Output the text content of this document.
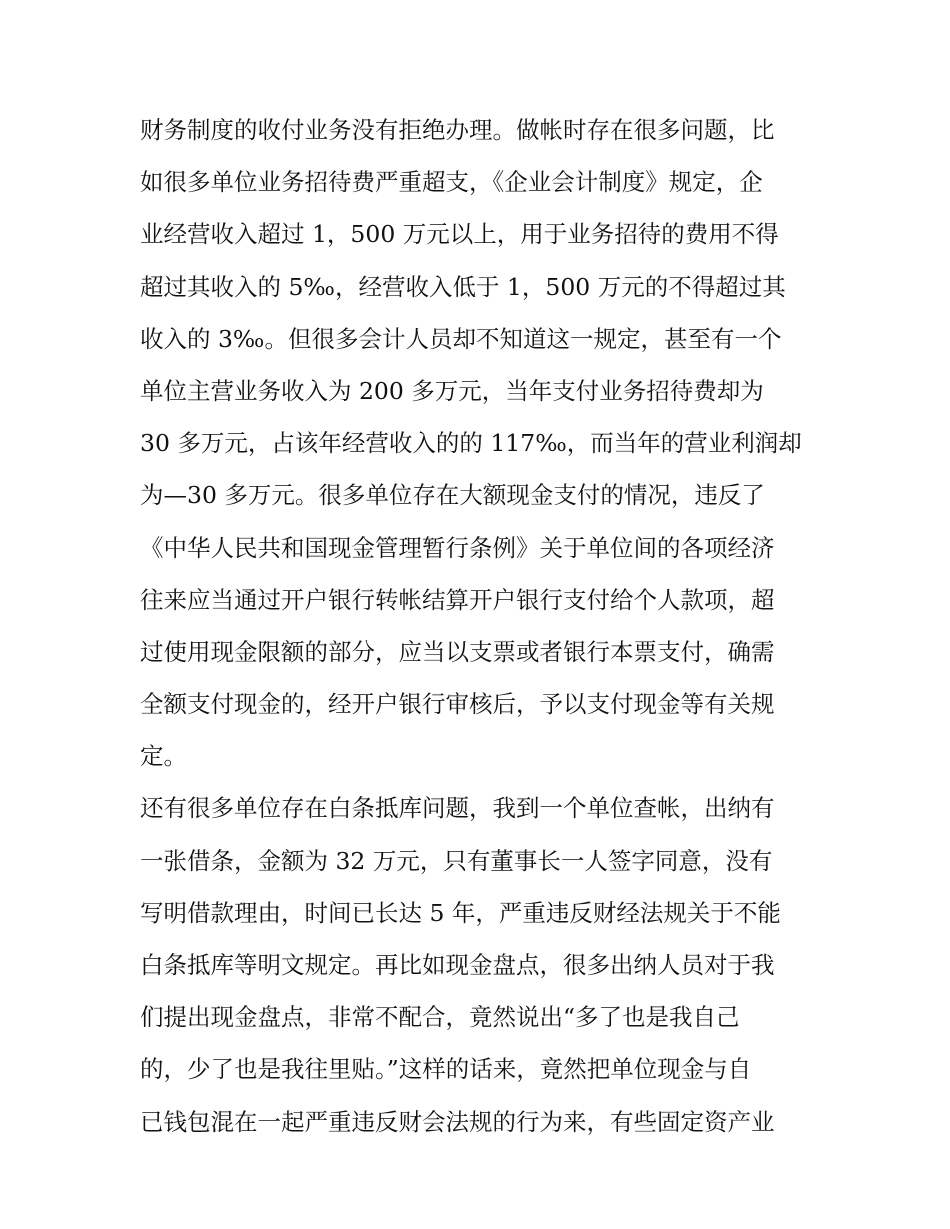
财务制度的收付业务没有拒绝办理。做帐时存在很多问题，比
如很多单位业务招待费严重超支，《企业会计制度》规定，企
业经营收入超过 1，500 万元以上，用于业务招待的费用不得
超过其收入的 5‰，经营收入低于 1，500 万元的不得超过其
收入的 3‰。但很多会计人员却不知道这一规定，甚至有一个
单位主营业务收入为 200 多万元，当年支付业务招待费却为
30 多万元，占该年经营收入的的 117‰，而当年的营业利润却
为—30 多万元。很多单位存在大额现金支付的情况，违反了
《中华人民共和国现金管理暂行条例》关于单位间的各项经济
往来应当通过开户银行转帐结算开户银行支付给个人款项，超
过使用现金限额的部分，应当以支票或者银行本票支付，确需
全额支付现金的，经开户银行审核后，予以支付现金等有关规
定。
还有很多单位存在白条抵库问题，我到一个单位查帐，出纳有
一张借条，金额为 32 万元，只有董事长一人签字同意，没有
写明借款理由，时间已长达 5 年，严重违反财经法规关于不能
白条抵库等明文规定。再比如现金盘点，很多出纳人员对于我
们提出现金盘点，非常不配合，竟然说出“多了也是我自己
的，少了也是我往里贴。”这样的话来，竟然把单位现金与自
已钱包混在一起严重违反财会法规的行为来，有些固定资产业
